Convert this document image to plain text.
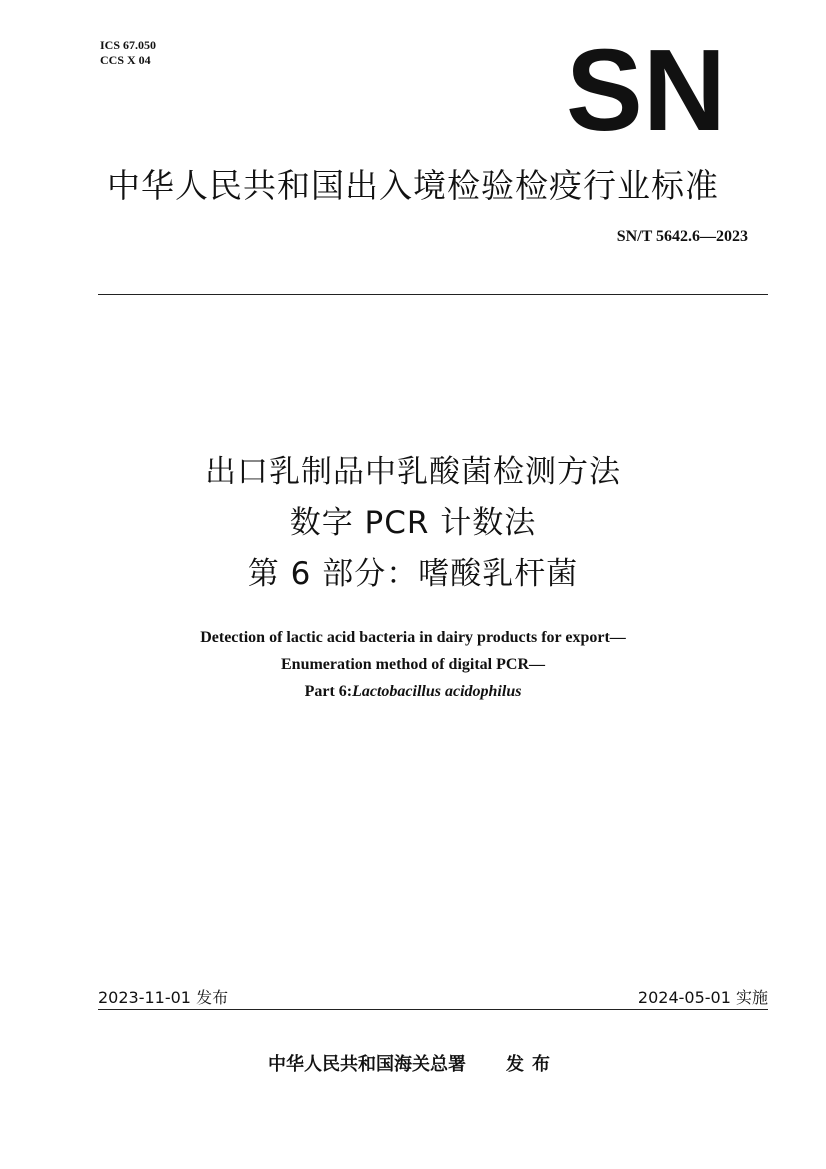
ICS 67.050
CCS X 04	SN
中华人民共和国出入境检验检疫行业标准
SN/T 5642.6—2023
出口乳制品中乳酸菌检测方法
数字 PCR 计数法
第 6 部分：嗜酸乳杆菌
Detection of lactic acid bacteria in dairy products for export—
Enumeration method of digital PCR—
Part 6:Lactobacillus acidophilus
2023-11-01 发布	2024-05-01 实施
中华人民共和国海关总署 发布
